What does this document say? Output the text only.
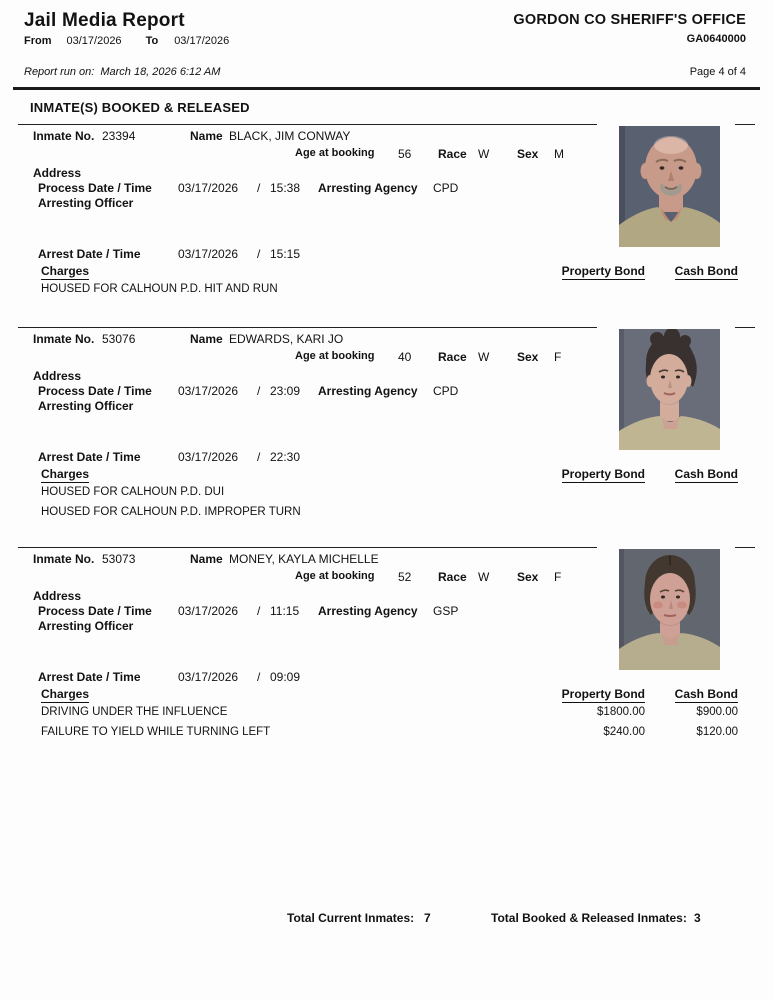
Jail Media Report
From 03/17/2026 To 03/17/2026
GORDON CO SHERIFF'S OFFICE
GA0640000
Report run on: March 18, 2026 6:12 AM	Page 4 of 4
INMATE(S) BOOKED & RELEASED
Inmate No. 23394	Name BLACK, JIM CONWAY
Age at booking 56 Race W Sex M
Address
Process Date / Time 03/17/2026 / 15:38 Arresting Agency CPD
Arresting Officer
Arrest Date / Time	03/17/2026 / 15:15
Charges	Property Bond Cash Bond
HOUSED FOR CALHOUN P.D. HIT AND RUN
Inmate No. 53076	Name EDWARDS, KARI JO
Age at booking 40 Race W Sex F
Address
Process Date / Time 03/17/2026 / 23:09 Arresting Agency CPD
Arresting Officer
Arrest Date / Time	03/17/2026 / 22:30
Charges	Property Bond Cash Bond
HOUSED FOR CALHOUN P.D. DUI
HOUSED FOR CALHOUN P.D. IMPROPER TURN
Inmate No. 53073	Name MONEY, KAYLA MICHELLE
Age at booking 52 Race W Sex F
Address
Process Date / Time 03/17/2026 / 11:15 Arresting Agency GSP
Arresting Officer
Arrest Date / Time	03/17/2026 / 09:09
Charges	Property Bond Cash Bond
DRIVING UNDER THE INFLUENCE	$1800.00	$900.00
FAILURE TO YIELD WHILE TURNING LEFT	$240.00	$120.00
Total Current Inmates: 7	Total Booked & Released Inmates: 3
